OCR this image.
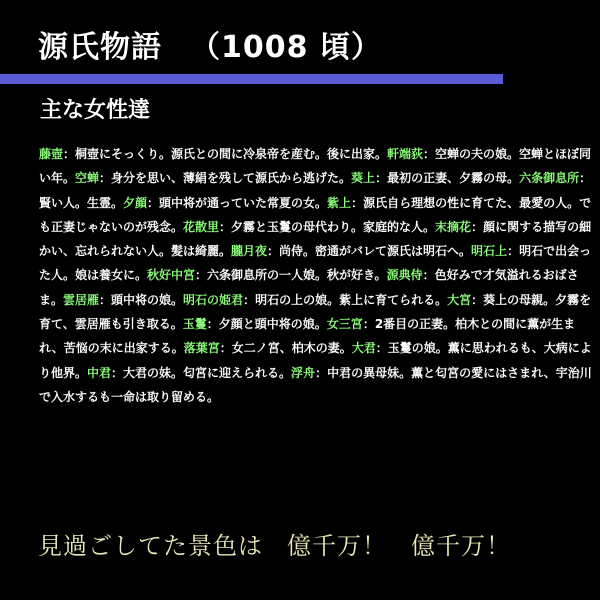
源氏物語 （1008 頃）
主な女性達
藤壺：桐壺にそっくり。源氏との間に冷泉帝を産む。後に出家。軒端荻：空蝉の夫の娘。空蝉とほぼ同い年。空蝉：身分を思い、薄絹を残して源氏から逃げた。葵上：最初の正妻、夕霧の母。六条御息所：賢い人。生霊。夕顔：頭中将が通っていた常夏の女。紫上：源氏自ら理想の性に育てた、最愛の人。でも正妻じゃないのが残念。花散里：夕霧と玉鬘の母代わり。家庭的な人。末摘花：顔に関する描写の細かい、忘れられない人。髪は綺麗。朧月夜：尚侍。密通がバレて源氏は明石へ。明石上：明石で出会った人。娘は養女に。秋好中宮：六条御息所の一人娘。秋が好き。源典侍：色好みで才気溢れるおばさま。雲居雁：頭中将の娘。明石の姫君：明石の上の娘。紫上に育てられる。大宮：葵上の母親。夕霧を育て、雲居雁も引き取る。玉鬘：夕顔と頭中将の娘。女三宮：2番目の正妻。柏木との間に薫が生まれ、苦悩の末に出家する。落葉宮：女二ノ宮、柏木の妻。大君：玉鬘の娘。薫に思われるも、大病により他界。中君：大君の妹。匂宮に迎えられる。浮舟：中君の異母妹。薫と匂宮の愛にはさまれ、宇治川で入水するも一命は取り留める。
見過ごしてた景色は 億千万！ 億千万！
